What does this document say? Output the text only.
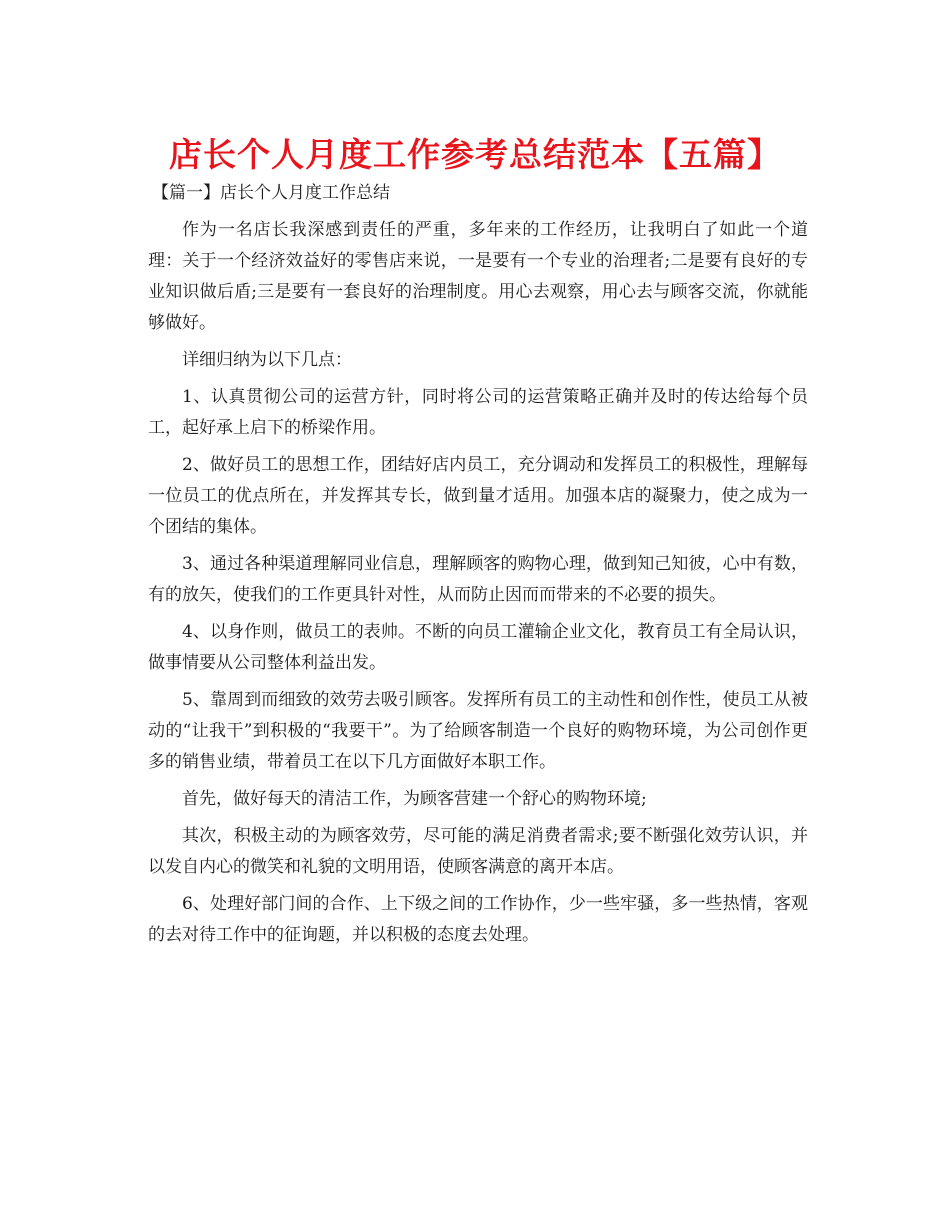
店长个人月度工作参考总结范本【五篇】

【篇一】店长个人月度工作总结

作为一名店长我深感到责任的严重，多年来的工作经历，让我明白了如此一个道理：关于一个经济效益好的零售店来说，一是要有一个专业的治理者;二是要有良好的专业知识做后盾;三是要有一套良好的治理制度。用心去观察，用心去与顾客交流，你就能够做好。

详细归纳为以下几点：

1、认真贯彻公司的运营方针，同时将公司的运营策略正确并及时的传达给每个员工，起好承上启下的桥梁作用。

2、做好员工的思想工作，团结好店内员工，充分调动和发挥员工的积极性，理解每一位员工的优点所在，并发挥其专长，做到量才适用。加强本店的凝聚力，使之成为一个团结的集体。

3、通过各种渠道理解同业信息，理解顾客的购物心理，做到知己知彼，心中有数，有的放矢，使我们的工作更具针对性，从而防止因而而带来的不必要的损失。

4、以身作则，做员工的表帅。不断的向员工灌输企业文化，教育员工有全局认识，做事情要从公司整体利益出发。

5、靠周到而细致的效劳去吸引顾客。发挥所有员工的主动性和创作性，使员工从被动的“让我干”到积极的“我要干”。为了给顾客制造一个良好的购物环境，为公司创作更多的销售业绩，带着员工在以下几方面做好本职工作。

首先，做好每天的清洁工作，为顾客营建一个舒心的购物环境;

其次，积极主动的为顾客效劳，尽可能的满足消费者需求;要不断强化效劳认识，并以发自内心的微笑和礼貌的文明用语，使顾客满意的离开本店。

6、处理好部门间的合作、上下级之间的工作协作，少一些牢骚，多一些热情，客观的去对待工作中的征询题，并以积极的态度去处理。
